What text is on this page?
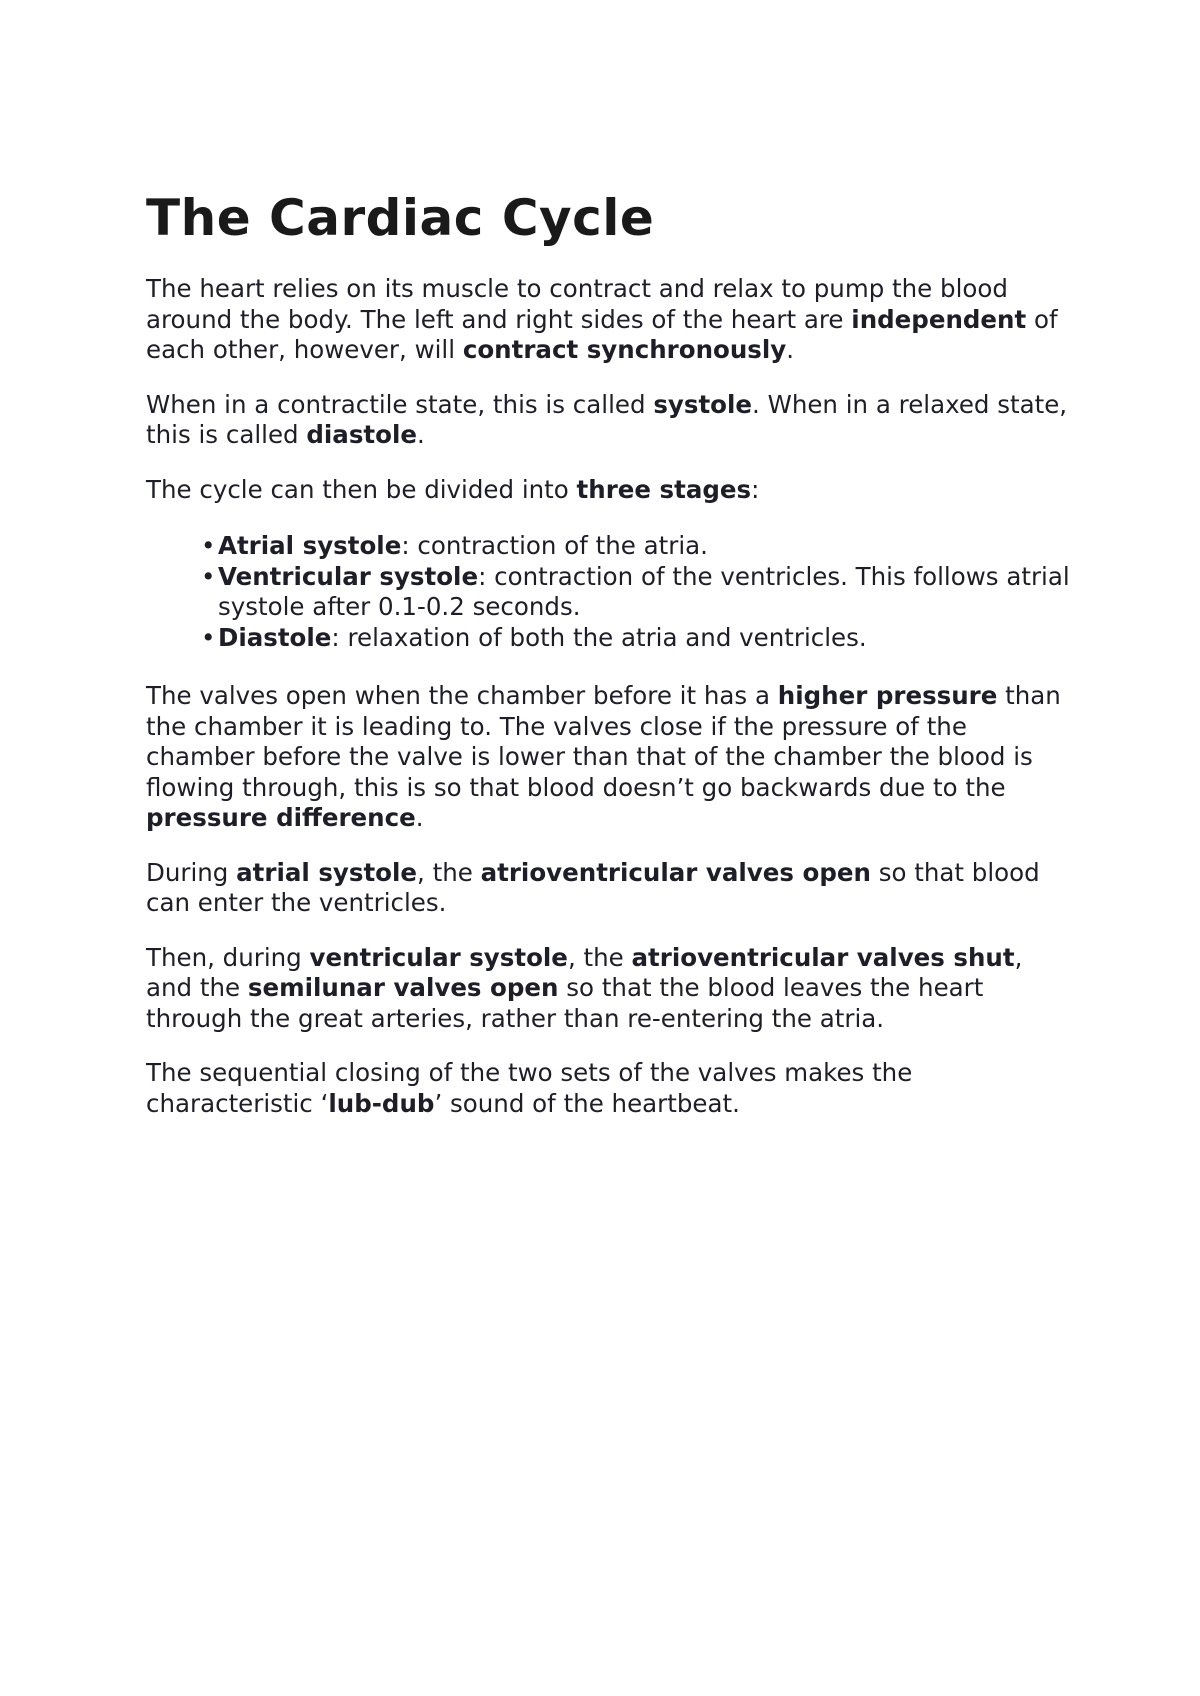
The Cardiac Cycle

The heart relies on its muscle to contract and relax to pump the blood around the body. The left and right sides of the heart are independent of each other, however, will contract synchronously.

When in a contractile state, this is called systole. When in a relaxed state, this is called diastole.

The cycle can then be divided into three stages:

• Atrial systole: contraction of the atria.
• Ventricular systole: contraction of the ventricles. This follows atrial systole after 0.1-0.2 seconds.
• Diastole: relaxation of both the atria and ventricles.

The valves open when the chamber before it has a higher pressure than the chamber it is leading to. The valves close if the pressure of the chamber before the valve is lower than that of the chamber the blood is flowing through, this is so that blood doesn’t go backwards due to the pressure difference.

During atrial systole, the atrioventricular valves open so that blood can enter the ventricles.

Then, during ventricular systole, the atrioventricular valves shut, and the semilunar valves open so that the blood leaves the heart through the great arteries, rather than re-entering the atria.

The sequential closing of the two sets of the valves makes the characteristic ‘lub-dub’ sound of the heartbeat.
